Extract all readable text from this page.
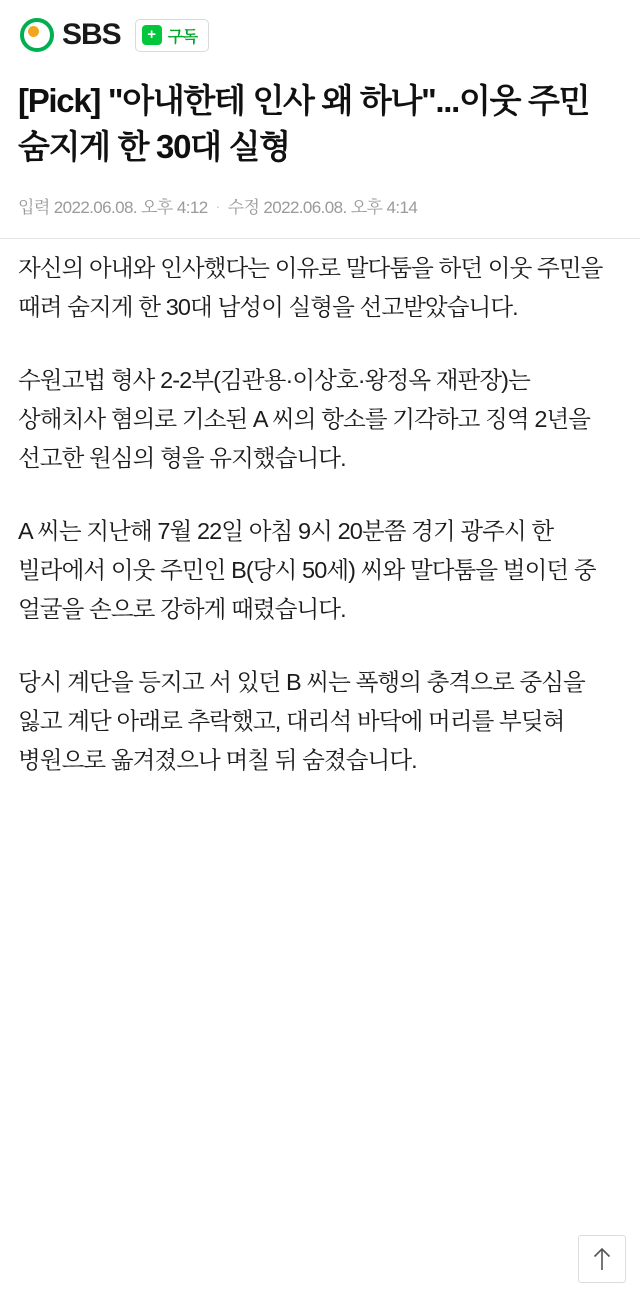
SBS	+ 구독
[Pick] "아내한테 인사 왜 하나"...이웃 주민 숨지게 한 30대 실형
입력 2022.06.08. 오후 4:12 · 수정 2022.06.08. 오후 4:14

자신의 아내와 인사했다는 이유로 말다툼을 하던 이웃 주민을 때려 숨지게 한 30대 남성이 실형을 선고받았습니다.

수원고법 형사 2-2부(김관용·이상호·왕정옥 재판장)는 상해치사 혐의로 기소된 A 씨의 항소를 기각하고 징역 2년을 선고한 원심의 형을 유지했습니다.

A 씨는 지난해 7월 22일 아침 9시 20분쯤 경기 광주시 한 빌라에서 이웃 주민인 B(당시 50세) 씨와 말다툼을 벌이던 중 얼굴을 손으로 강하게 때렸습니다.

당시 계단을 등지고 서 있던 B 씨는 폭행의 충격으로 중심을 잃고 계단 아래로 추락했고, 대리석 바닥에 머리를 부딪혀 병원으로 옮겨졌으나 며칠 뒤 숨졌습니다.
